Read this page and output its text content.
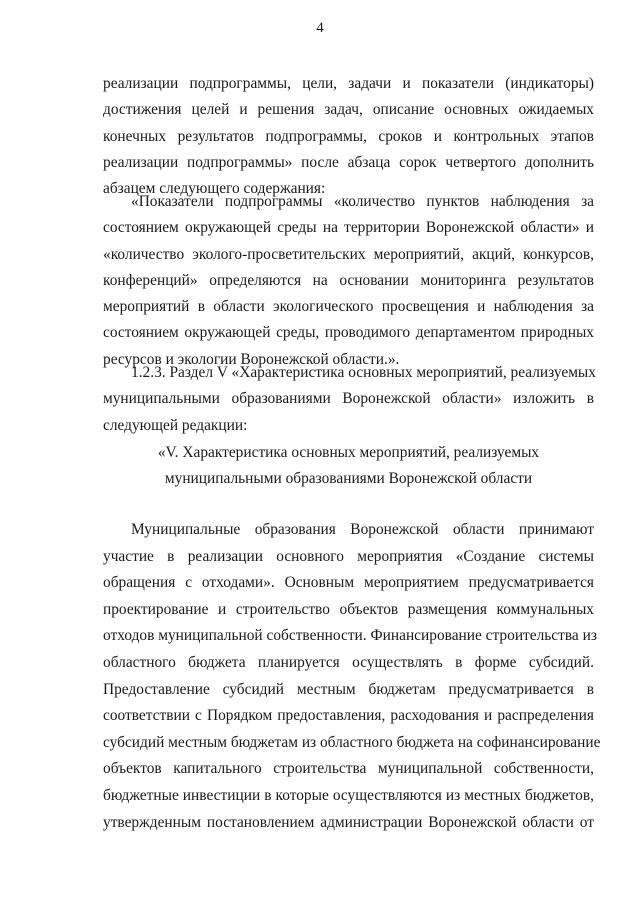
4
реализации подпрограммы, цели, задачи и показатели (индикаторы)
достижения целей и решения задач, описание основных ожидаемых
конечных результатов подпрограммы, сроков и контрольных этапов
реализации подпрограммы» после абзаца сорок четвертого дополнить
абзацем следующего содержания:
«Показатели подпрограммы «количество пунктов наблюдения за
состоянием окружающей среды на территории Воронежской области» и
«количество эколого-просветительских мероприятий, акций, конкурсов,
конференций» определяются на основании мониторинга результатов
мероприятий в области экологического просвещения и наблюдения за
состоянием окружающей среды, проводимого департаментом природных
ресурсов и экологии Воронежской области.».
1.2.3. Раздел V «Характеристика основных мероприятий, реализуемых
муниципальными образованиями Воронежской области» изложить в
следующей редакции:
«V. Характеристика основных мероприятий, реализуемых
муниципальными образованиями Воронежской области
Муниципальные образования Воронежской области принимают
участие в реализации основного мероприятия «Создание системы
обращения с отходами». Основным мероприятием предусматривается
проектирование и строительство объектов размещения коммунальных
отходов муниципальной собственности. Финансирование строительства из
областного бюджета планируется осуществлять в форме субсидий.
Предоставление субсидий местным бюджетам предусматривается в
соответствии с Порядком предоставления, расходования и распределения
субсидий местным бюджетам из областного бюджета на софинансирование
объектов капитального строительства муниципальной собственности,
бюджетные инвестиции в которые осуществляются из местных бюджетов,
утвержденным постановлением администрации Воронежской области от
